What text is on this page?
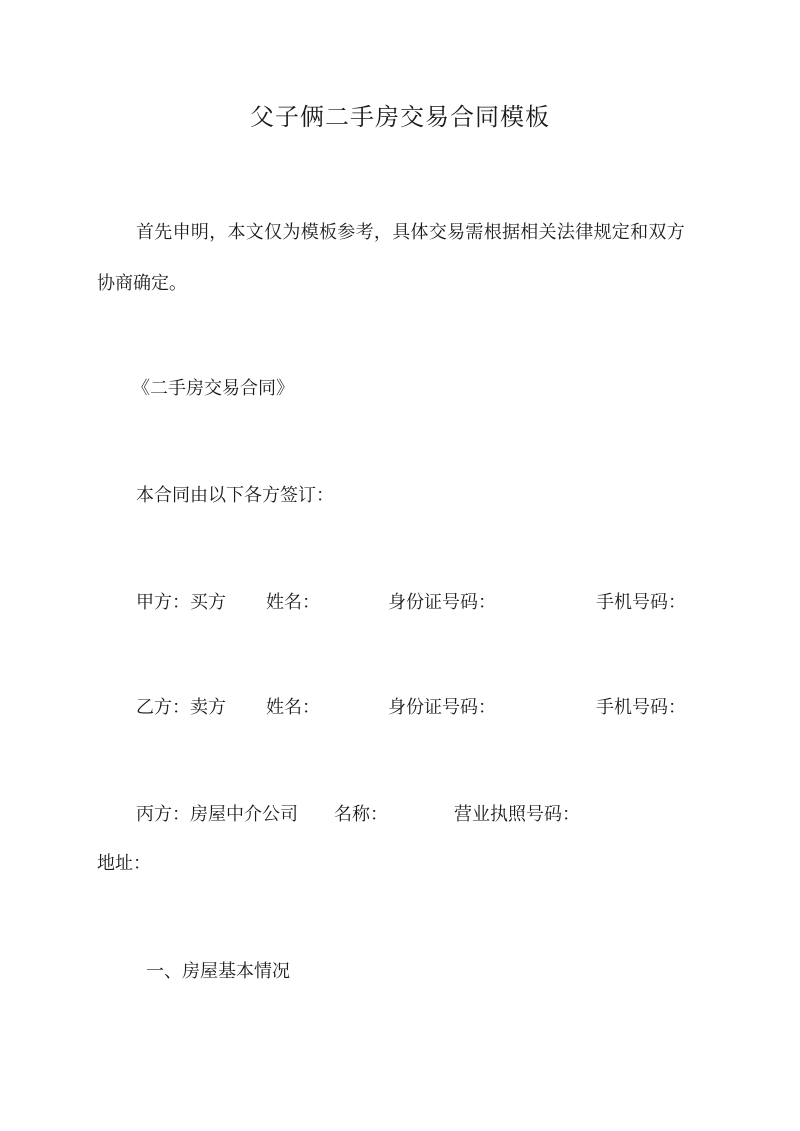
父子俩二手房交易合同模板

首先申明，本文仅为模板参考，具体交易需根据相关法律规定和双方

协商确定。

《二手房交易合同》

本合同由以下各方签订：

甲方：买方 姓名：	身份证号码：	手机号码：
乙方：卖方 姓名：	身份证号码：	手机号码：
丙方：房屋中介公司 名称：	营业执照号码：

地址：

一、房屋基本情况
